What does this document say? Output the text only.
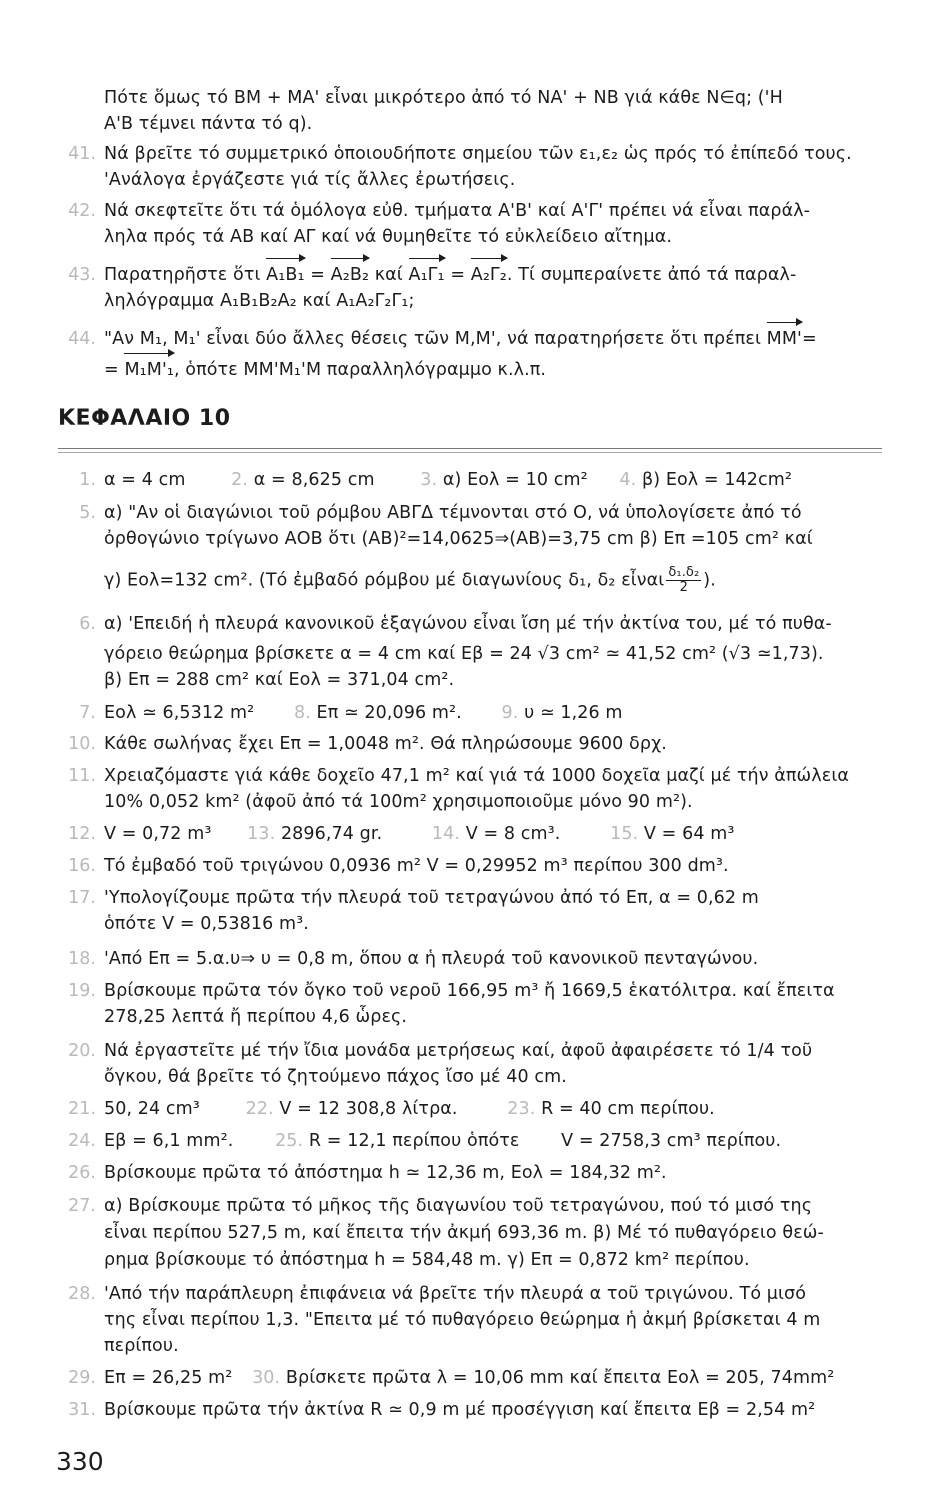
Πότε ὅμως τό ΒΜ + ΜΑ' εἶναι μικρότερο ἀπό τό ΝΑ' + ΝΒ γιά κάθε Ν∈q; ('Η
Α'Β τέμνει πάντα τό q).
41. Νά βρεῖτε τό συμμετρικό ὁποιουδήποτε σημείου τῶν ε₁,ε₂ ὡς πρός τό ἐπίπεδό τους.
'Ανάλογα ἐργάζεστε γιά τίς ἄλλες ἐρωτήσεις.
42. Νά σκεφτεῖτε ὅτι τά ὁμόλογα εὐθ. τμήματα Α'Β' καί Α'Γ' πρέπει νά εἶναι παράλ-
ληλα πρός τά ΑΒ καί ΑΓ καί νά θυμηθεῖτε τό εὐκλείδειο αἴτημα.
43. Παρατηρῆστε ὅτι Α₁Β₁ = Α₂Β₂ καί Α₁Γ₁ = Α₂Γ₂. Τί συμπεραίνετε ἀπό τά παραλ-
ληλόγραμμα Α₁Β₁Β₂Α₂ καί Α₁Α₂Γ₂Γ₁;
44. "Αν Μ₁, Μ₁' εἶναι δύο ἄλλες θέσεις τῶν Μ,Μ', νά παρατηρήσετε ὅτι πρέπει ΜΜ'=
= Μ₁Μ'₁, ὁπότε ΜΜ'Μ₁'Μ παραλληλόγραμμο κ.λ.π.
ΚΕΦΑΛΑΙΟ 10
1. α = 4 cm	2. α = 8,625 cm	3. α) Εολ = 10 cm² 4. β) Εολ = 142cm²
5. α) "Αν οἱ διαγώνιοι τοῦ ρόμβου ΑΒΓΔ τέμνονται στό Ο, νά ὑπολογίσετε ἀπό τό
ὀρθογώνιο τρίγωνο ΑΟΒ ὅτι (ΑΒ)²=14,0625⇒(ΑΒ)=3,75 cm β) Επ =105 cm² καί
γ) Εολ=132 cm². (Τό ἐμβαδό ρόμβου μέ διαγωνίους δ₁, δ₂ εἶναι $\frac{\text{δ₁.δ₂}}{2}$ ).
6. α) 'Επειδή ἡ πλευρά κανονικοῦ ἑξαγώνου εἶναι ἴση μέ τήν ἀκτίνα του, μέ τό πυθα-
γόρειο θεώρημα βρίσκετε α = 4 cm καί Εβ = 24 √3 cm² ≃ 41,52 cm² (√3 ≃1,73).
β) Επ = 288 cm² καί Εολ = 371,04 cm².
7. Εολ ≃ 6,5312 m² 8. Επ ≃ 20,096 m². 9. υ ≃ 1,26 m
10. Κάθε σωλήνας ἔχει Επ = 1,0048 m². Θά πληρώσουμε 9600 δρχ.
11. Χρειαζόμαστε γιά κάθε δοχεῖο 47,1 m² καί γιά τά 1000 δοχεῖα μαζί μέ τήν ἀπώλεια
10% 0,052 km² (ἀφοῦ ἀπό τά 100m² χρησιμοποιοῦμε μόνο 90 m²).
12. V = 0,72 m³ 13. 2896,74 gr.	14. V = 8 cm³.	15. V = 64 m³
16. Τό ἐμβαδό τοῦ τριγώνου 0,0936 m² V = 0,29952 m³ περίπου 300 dm³.
17. 'Υπολογίζουμε πρῶτα τήν πλευρά τοῦ τετραγώνου ἀπό τό Επ, α = 0,62 m
ὁπότε V = 0,53816 m³.
18. 'Από Επ = 5.α.υ⇒ υ = 0,8 m, ὅπου α ἡ πλευρά τοῦ κανονικοῦ πενταγώνου.
19. Βρίσκουμε πρῶτα τόν ὄγκο τοῦ νεροῦ 166,95 m³ ἤ 1669,5 ἑκατόλιτρα. καί ἔπειτα
278,25 λεπτά ἤ περίπου 4,6 ὧρες.
20. Νά ἐργαστεῖτε μέ τήν ἴδια μονάδα μετρήσεως καί, ἀφοῦ ἀφαιρέσετε τό 1/4 τοῦ
ὄγκου, θά βρεῖτε τό ζητούμενο πάχος ἴσο μέ 40 cm.
21. 50, 24 cm³	22. V = 12 308,8 λίτρα.	23. R = 40 cm περίπου.
24. Εβ = 6,1 mm². 25. R = 12,1 περίπου ὁπότε V = 2758,3 cm³ περίπου.
26. Βρίσκουμε πρῶτα τό ἀπόστημα h ≃ 12,36 m, Εολ = 184,32 m².
27. α) Βρίσκουμε πρῶτα τό μῆκος τῆς διαγωνίου τοῦ τετραγώνου, πού τό μισό της
εἶναι περίπου 527,5 m, καί ἔπειτα τήν ἀκμή 693,36 m. β) Μέ τό πυθαγόρειο θεώ-
ρημα βρίσκουμε τό ἀπόστημα h = 584,48 m. γ) Επ = 0,872 km² περίπου.
28. 'Από τήν παράπλευρη ἐπιφάνεια νά βρεῖτε τήν πλευρά α τοῦ τριγώνου. Τό μισό
της εἶναι περίπου 1,3. "Επειτα μέ τό πυθαγόρειο θεώρημα ἡ ἀκμή βρίσκεται 4 m
περίπου.
29. Επ = 26,25 m² 30. Βρίσκετε πρῶτα λ = 10,06 mm καί ἔπειτα Εολ = 205, 74mm²
31. Βρίσκουμε πρῶτα τήν ἀκτίνα R ≃ 0,9 m μέ προσέγγιση καί ἔπειτα Εβ = 2,54 m²
330
